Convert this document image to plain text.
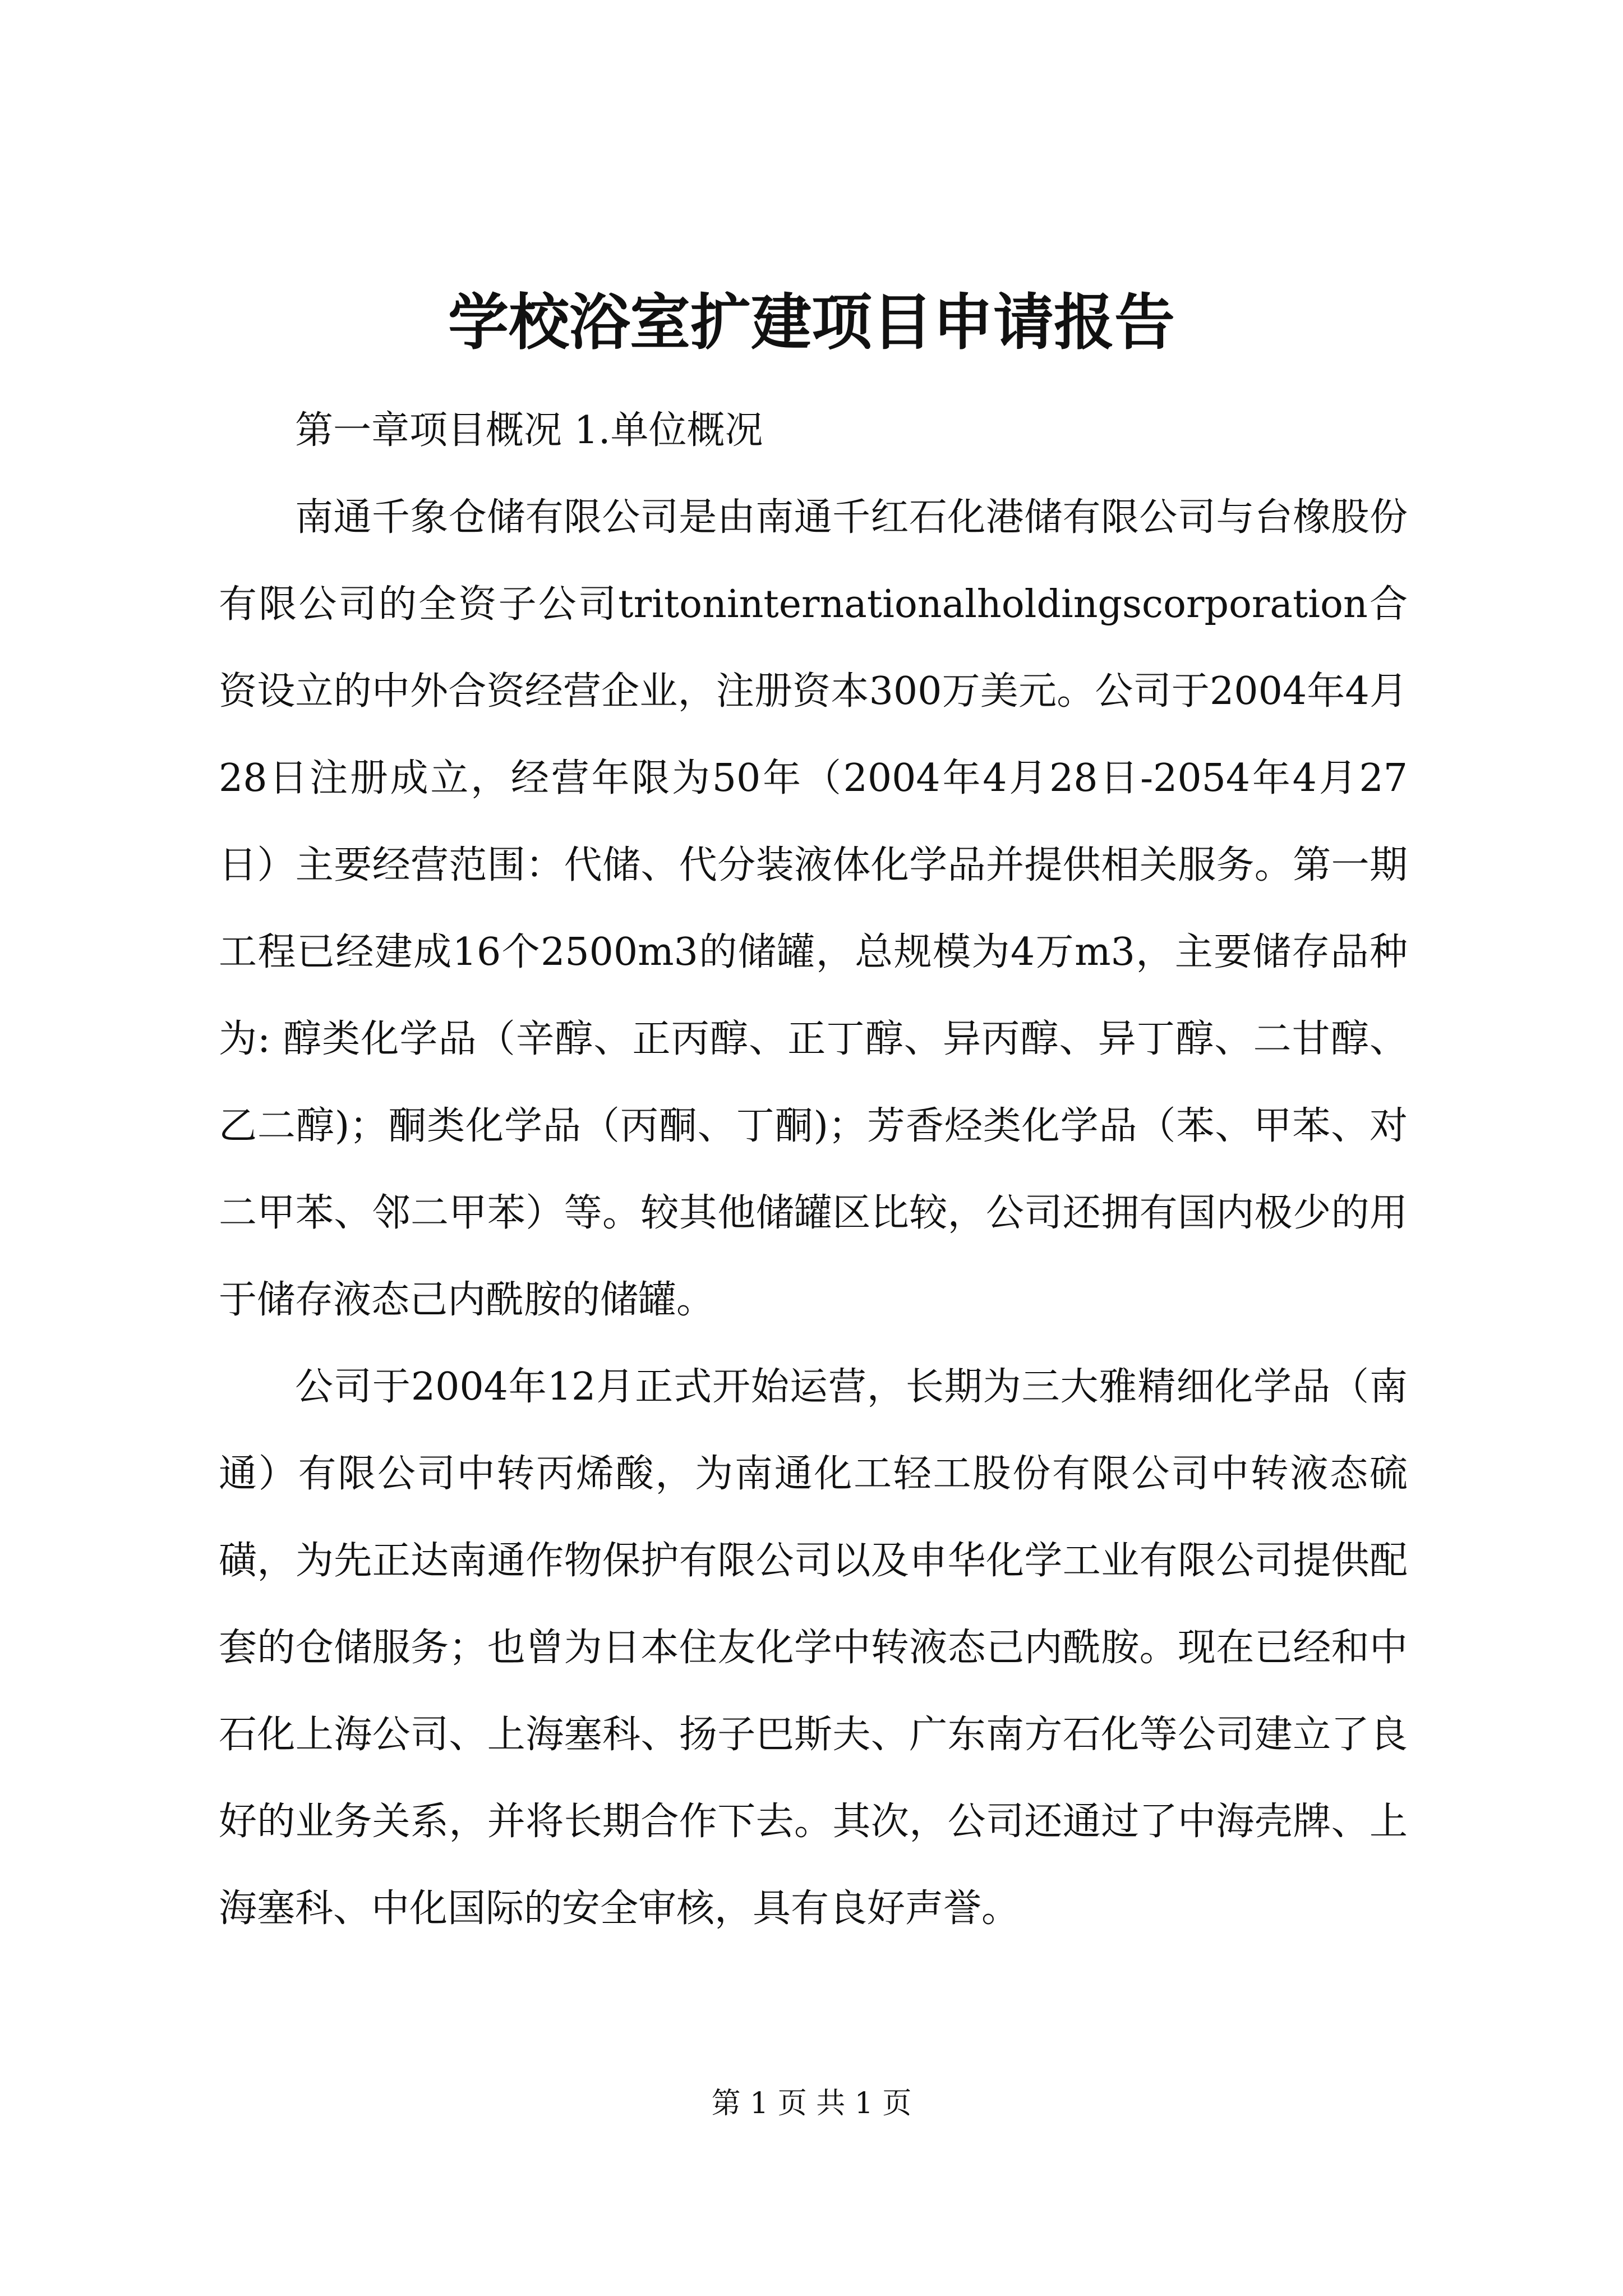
学校浴室扩建项目申请报告

第一章项目概况 1.单位概况

南通千象仓储有限公司是由南通千红石化港储有限公司与台橡股份有限公司的全资子公司tritoninternationalholdingscorporation合资设立的中外合资经营企业，注册资本300万美元。公司于2004年4月28日注册成立，经营年限为50年（2004年4月28日-2054年4月27日）主要经营范围：代储、代分装液体化学品并提供相关服务。第一期工程已经建成16个2500m3的储罐，总规模为4万m3，主要储存品种为: 醇类化学品（辛醇、正丙醇、正丁醇、异丙醇、异丁醇、二甘醇、乙二醇)；酮类化学品（丙酮、丁酮)；芳香烃类化学品（苯、甲苯、对二甲苯、邻二甲苯）等。较其他储罐区比较，公司还拥有国内极少的用于储存液态己内酰胺的储罐。

公司于2004年12月正式开始运营，长期为三大雅精细化学品（南通）有限公司中转丙烯酸，为南通化工轻工股份有限公司中转液态硫磺，为先正达南通作物保护有限公司以及申华化学工业有限公司提供配套的仓储服务；也曾为日本住友化学中转液态己内酰胺。现在已经和中石化上海公司、上海塞科、扬子巴斯夫、广东南方石化等公司建立了良好的业务关系，并将长期合作下去。其次，公司还通过了中海壳牌、上海塞科、中化国际的安全审核，具有良好声誉。

第 1 页 共 1 页
